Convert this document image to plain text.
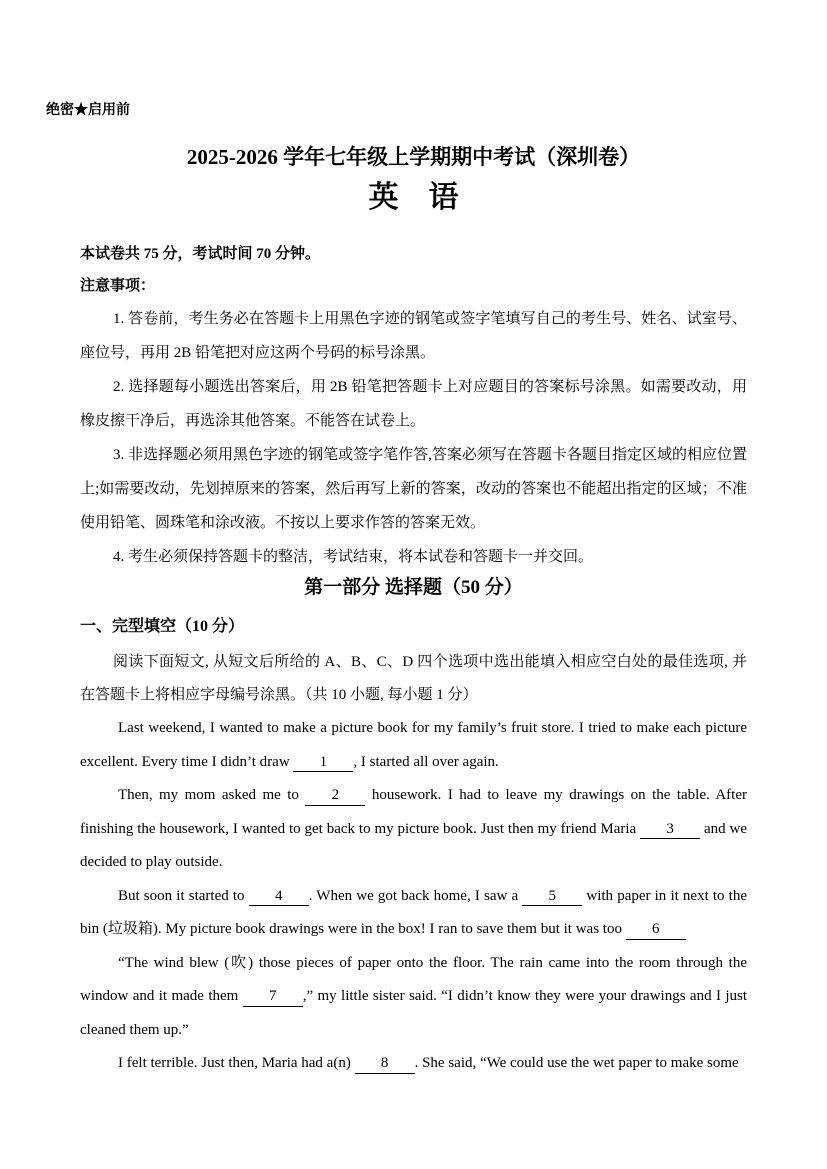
绝密★启用前

2025-2026 学年七年级上学期期中考试（深圳卷）
英　语

本试卷共 75 分，考试时间 70 分钟。

注意事项：

1. 答卷前，考生务必在答题卡上用黑色字迹的钢笔或签字笔填写自己的考生号、姓名、试室号、座位号，再用 2B 铅笔把对应这两个号码的标号涂黑。

2. 选择题每小题选出答案后，用 2B 铅笔把答题卡上对应题目的答案标号涂黑。如需要改动，用橡皮擦干净后，再选涂其他答案。不能答在试卷上。

3. 非选择题必须用黑色字迹的钢笔或签字笔作答,答案必须写在答题卡各题目指定区域的相应位置上;如需要改动，先划掉原来的答案，然后再写上新的答案，改动的答案也不能超出指定的区域；不准使用铅笔、圆珠笔和涂改液。不按以上要求作答的答案无效。

4. 考生必须保持答题卡的整洁，考试结束，将本试卷和答题卡一并交回。

第一部分 选择题（50 分）
一、完型填空（10 分）

阅读下面短文, 从短文后所给的 A、B、C、D 四个选项中选出能填入相应空白处的最佳选项, 并在答题卡上将相应字母编号涂黑。（共 10 小题, 每小题 1 分）

Last weekend, I wanted to make a picture book for my family’s fruit store. I tried to make each picture excellent. Every time I didn’t draw 1 , I started all over again.

Then, my mom asked me to 2 housework. I had to leave my drawings on the table. After finishing the housework, I wanted to get back to my picture book. Just then my friend Maria 3 and we decided to play outside.

But soon it started to 4 . When we got back home, I saw a 5 with paper in it next to the bin (垃圾箱). My picture book drawings were in the box! I ran to save them but it was too 6

“The wind blew (吹) those pieces of paper onto the floor. The rain came into the room through the window and it made them 7 ,” my little sister said. “I didn’t know they were your drawings and I just cleaned them up.”

I felt terrible. Just then, Maria had a(n) 8 . She said, “We could use the wet paper to make some
